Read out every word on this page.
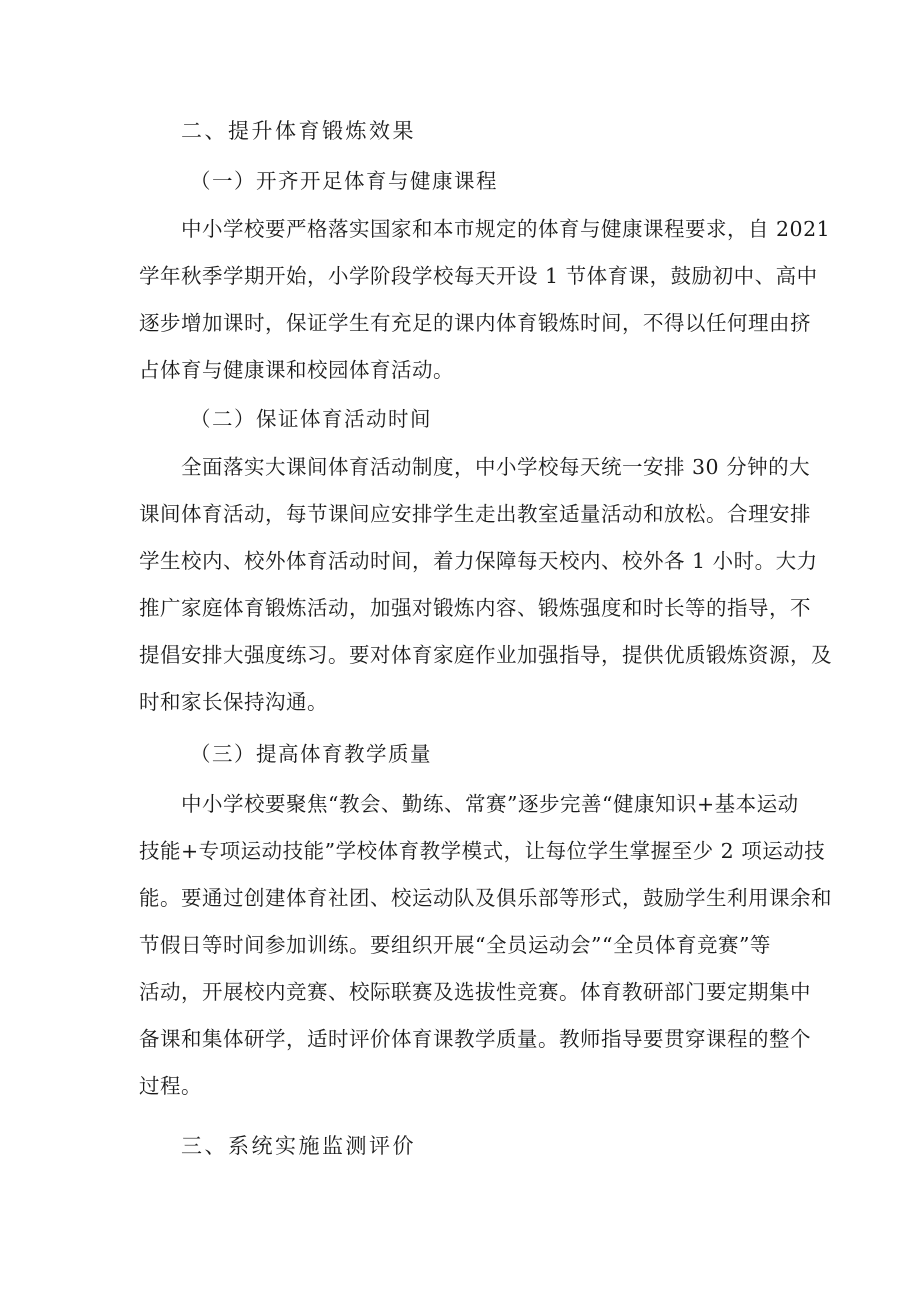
二、提升体育锻炼效果
（一）开齐开足体育与健康课程
中小学校要严格落实国家和本市规定的体育与健康课程要求，自 2021
学年秋季学期开始，小学阶段学校每天开设 1 节体育课，鼓励初中、高中
逐步增加课时，保证学生有充足的课内体育锻炼时间，不得以任何理由挤
占体育与健康课和校园体育活动。
（二）保证体育活动时间
全面落实大课间体育活动制度，中小学校每天统一安排 30 分钟的大
课间体育活动，每节课间应安排学生走出教室适量活动和放松。合理安排
学生校内、校外体育活动时间，着力保障每天校内、校外各 1 小时。大力
推广家庭体育锻炼活动，加强对锻炼内容、锻炼强度和时长等的指导，不
提倡安排大强度练习。要对体育家庭作业加强指导，提供优质锻炼资源，及
时和家长保持沟通。
（三）提高体育教学质量
中小学校要聚焦“教会、勤练、常赛”逐步完善“健康知识+基本运动
技能+专项运动技能”学校体育教学模式，让每位学生掌握至少 2 项运动技
能。要通过创建体育社团、校运动队及俱乐部等形式，鼓励学生利用课余和
节假日等时间参加训练。要组织开展“全员运动会”“全员体育竞赛”等
活动，开展校内竞赛、校际联赛及选拔性竞赛。体育教研部门要定期集中
备课和集体研学，适时评价体育课教学质量。教师指导要贯穿课程的整个
过程。
三、系统实施监测评价
